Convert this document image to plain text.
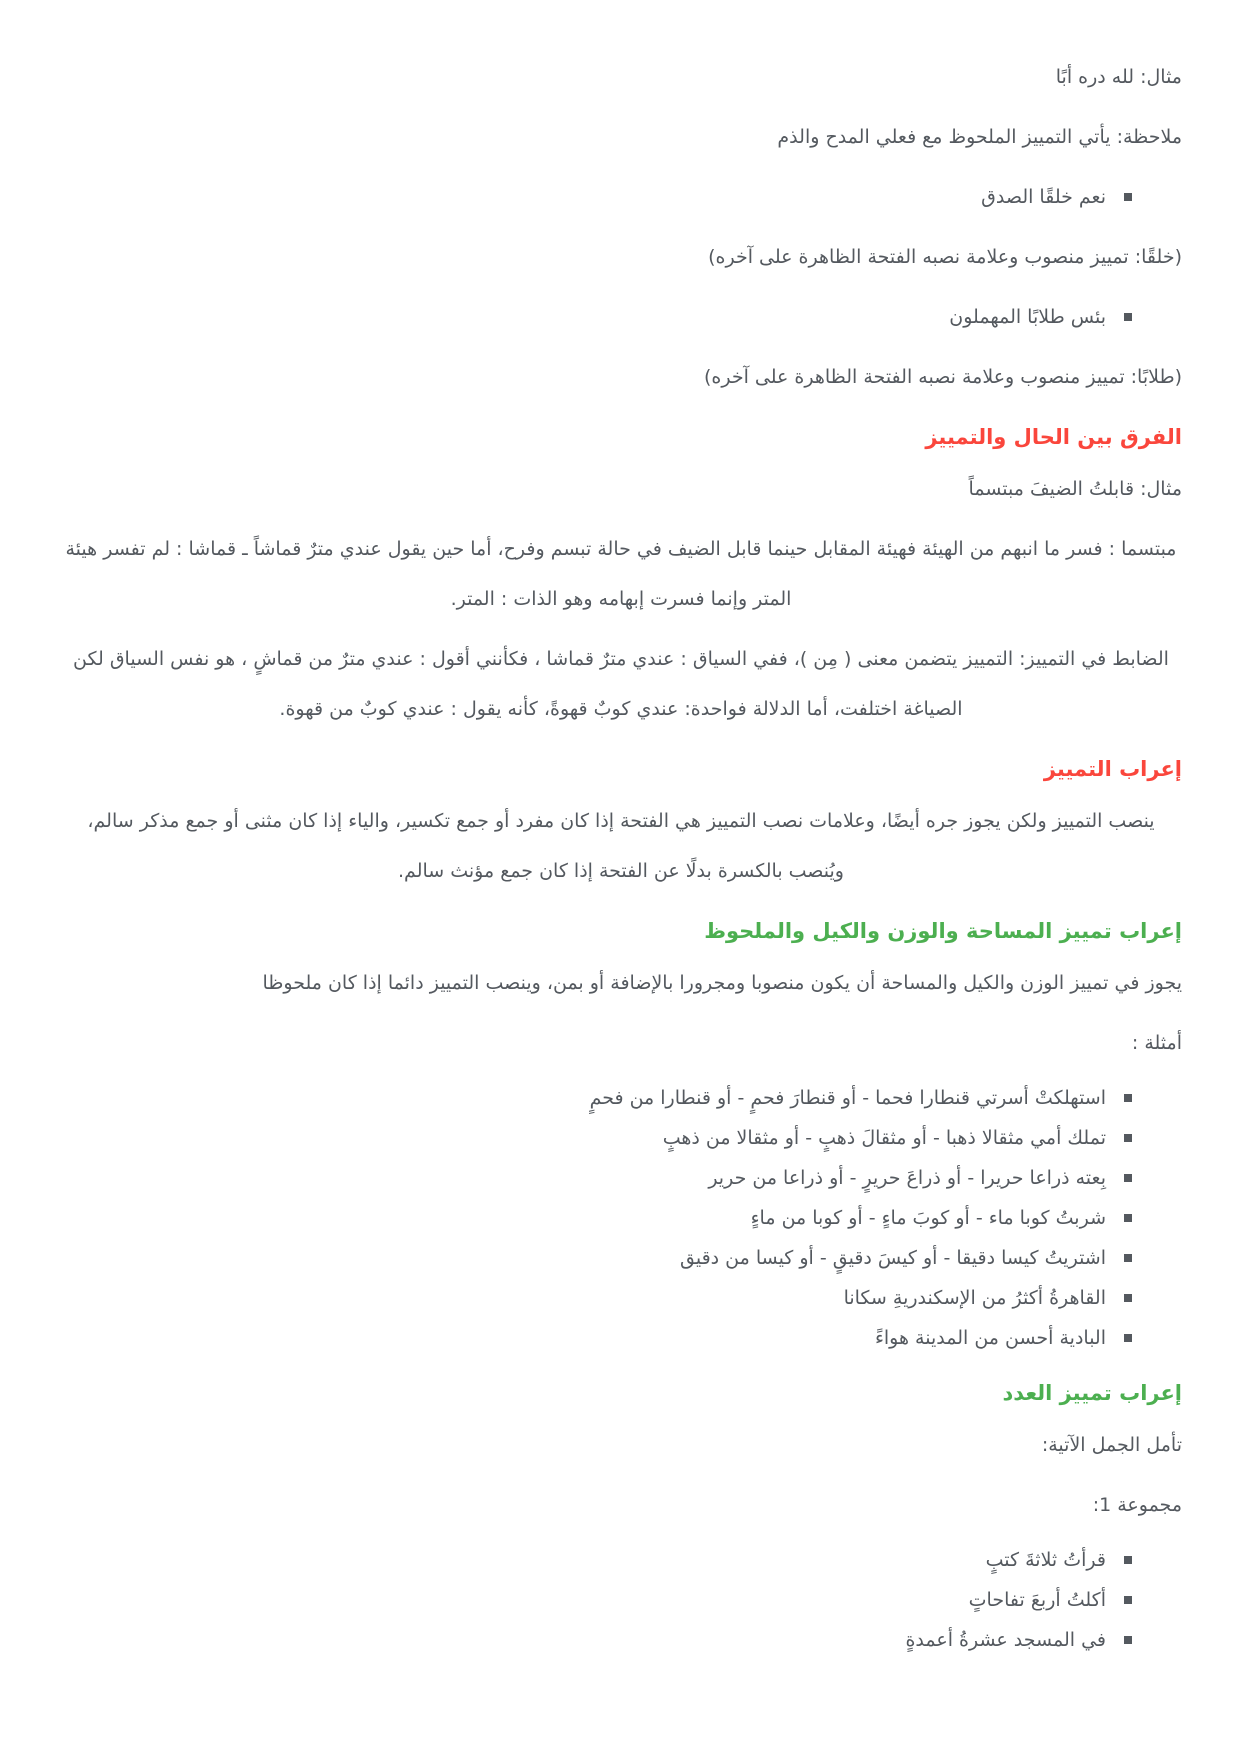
مثال: لله دره أبًا

ملاحظة: يأتي التمييز الملحوظ مع فعلي المدح والذم

نعم خلقًا الصدق

(خلقًا: تمييز منصوب وعلامة نصبه الفتحة الظاهرة على آخره)

بئس طلابًا المهملون

(طلابًا: تمييز منصوب وعلامة نصبه الفتحة الظاهرة على آخره)

الفرق بين الحال والتمييز

مثال: قابلتُ الضيفَ مبتسماً

مبتسما : فسر ما انبهم من الهيئة فهيئة المقابل حينما قابل الضيف في حالة تبسم وفرح، أما حين يقول عندي مترٌ قماشاً ـ قماشا : لم تفسر هيئة المتر وإنما فسرت إبهامه وهو الذات : المتر.

الضابط في التمييز: التمييز يتضمن معنى ( مِن )، ففي السياق : عندي مترٌ قماشا ، فكأنني أقول : عندي مترٌ من قماشٍ ، هو نفس السياق لكن الصياغة اختلفت، أما الدلالة فواحدة: عندي كوبٌ قهوةً، كأنه يقول : عندي كوبٌ من قهوة.

إعراب التمييز

ينصب التمييز ولكن يجوز جره أيضًا، وعلامات نصب التمييز هي الفتحة إذا كان مفرد أو جمع تكسير، والياء إذا كان مثنى أو جمع مذكر سالم، ويُنصب بالكسرة بدلًا عن الفتحة إذا كان جمع مؤنث سالم.

إعراب تمييز المساحة والوزن والكيل والملحوظ

يجوز في تمييز الوزن والكيل والمساحة أن يكون منصوبا ومجرورا بالإضافة أو بمن، وينصب التمييز دائما إذا كان ملحوظا

أمثلة :

استهلكتْ أسرتي قنطارا فحما - أو قنطارَ فحمٍ - أو قنطارا من فحمٍ
تملك أمي مثقالا ذهبا - أو مثقالَ ذهبٍ - أو مثقالا من ذهبٍ
بِعته ذراعا حريرا - أو ذراعَ حريرٍ - أو ذراعا من حرير
شربتُ كوبا ماء - أو كوبَ ماءٍ - أو كوبا من ماءٍ
اشتريتُ كيسا دقيقا - أو كيسَ دقيقٍ - أو كيسا من دقيق
القاهرةُ أكثرُ من الإسكندريةِ سكانا
البادية أحسن من المدينة هواءً
إعراب تمييز العدد

تأمل الجمل الآتية:

مجموعة 1:

قرأتُ ثلاثةَ كتبٍ
أكلتُ أربعَ تفاحاتٍ
في المسجد عشرةُ أعمدةٍ
